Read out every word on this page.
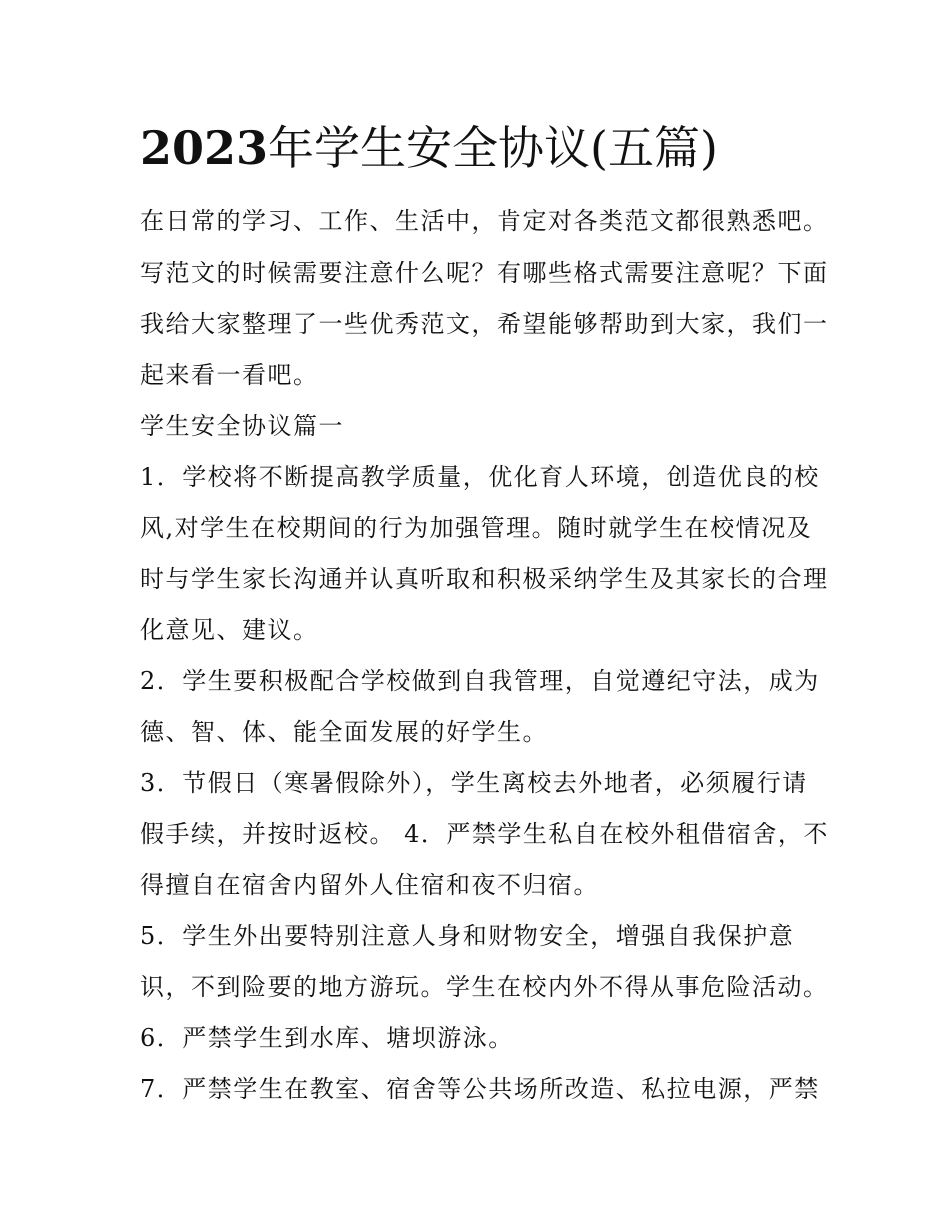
2023年学生安全协议(五篇)

在日常的学习、工作、生活中，肯定对各类范文都很熟悉吧。

写范文的时候需要注意什么呢？有哪些格式需要注意呢？下面

我给大家整理了一些优秀范文，希望能够帮助到大家，我们一

起来看一看吧。

学生安全协议篇一

1．学校将不断提高教学质量，优化育人环境，创造优良的校

风,对学生在校期间的行为加强管理。随时就学生在校情况及

时与学生家长沟通并认真听取和积极采纳学生及其家长的合理

化意见、建议。

2．学生要积极配合学校做到自我管理，自觉遵纪守法，成为

德、智、体、能全面发展的好学生。

3．节假日（寒暑假除外），学生离校去外地者，必须履行请

假手续，并按时返校。 4．严禁学生私自在校外租借宿舍，不

得擅自在宿舍内留外人住宿和夜不归宿。

5．学生外出要特别注意人身和财物安全，增强自我保护意

识，不到险要的地方游玩。学生在校内外不得从事危险活动。

6．严禁学生到水库、塘坝游泳。

7．严禁学生在教室、宿舍等公共场所改造、私拉电源，严禁
